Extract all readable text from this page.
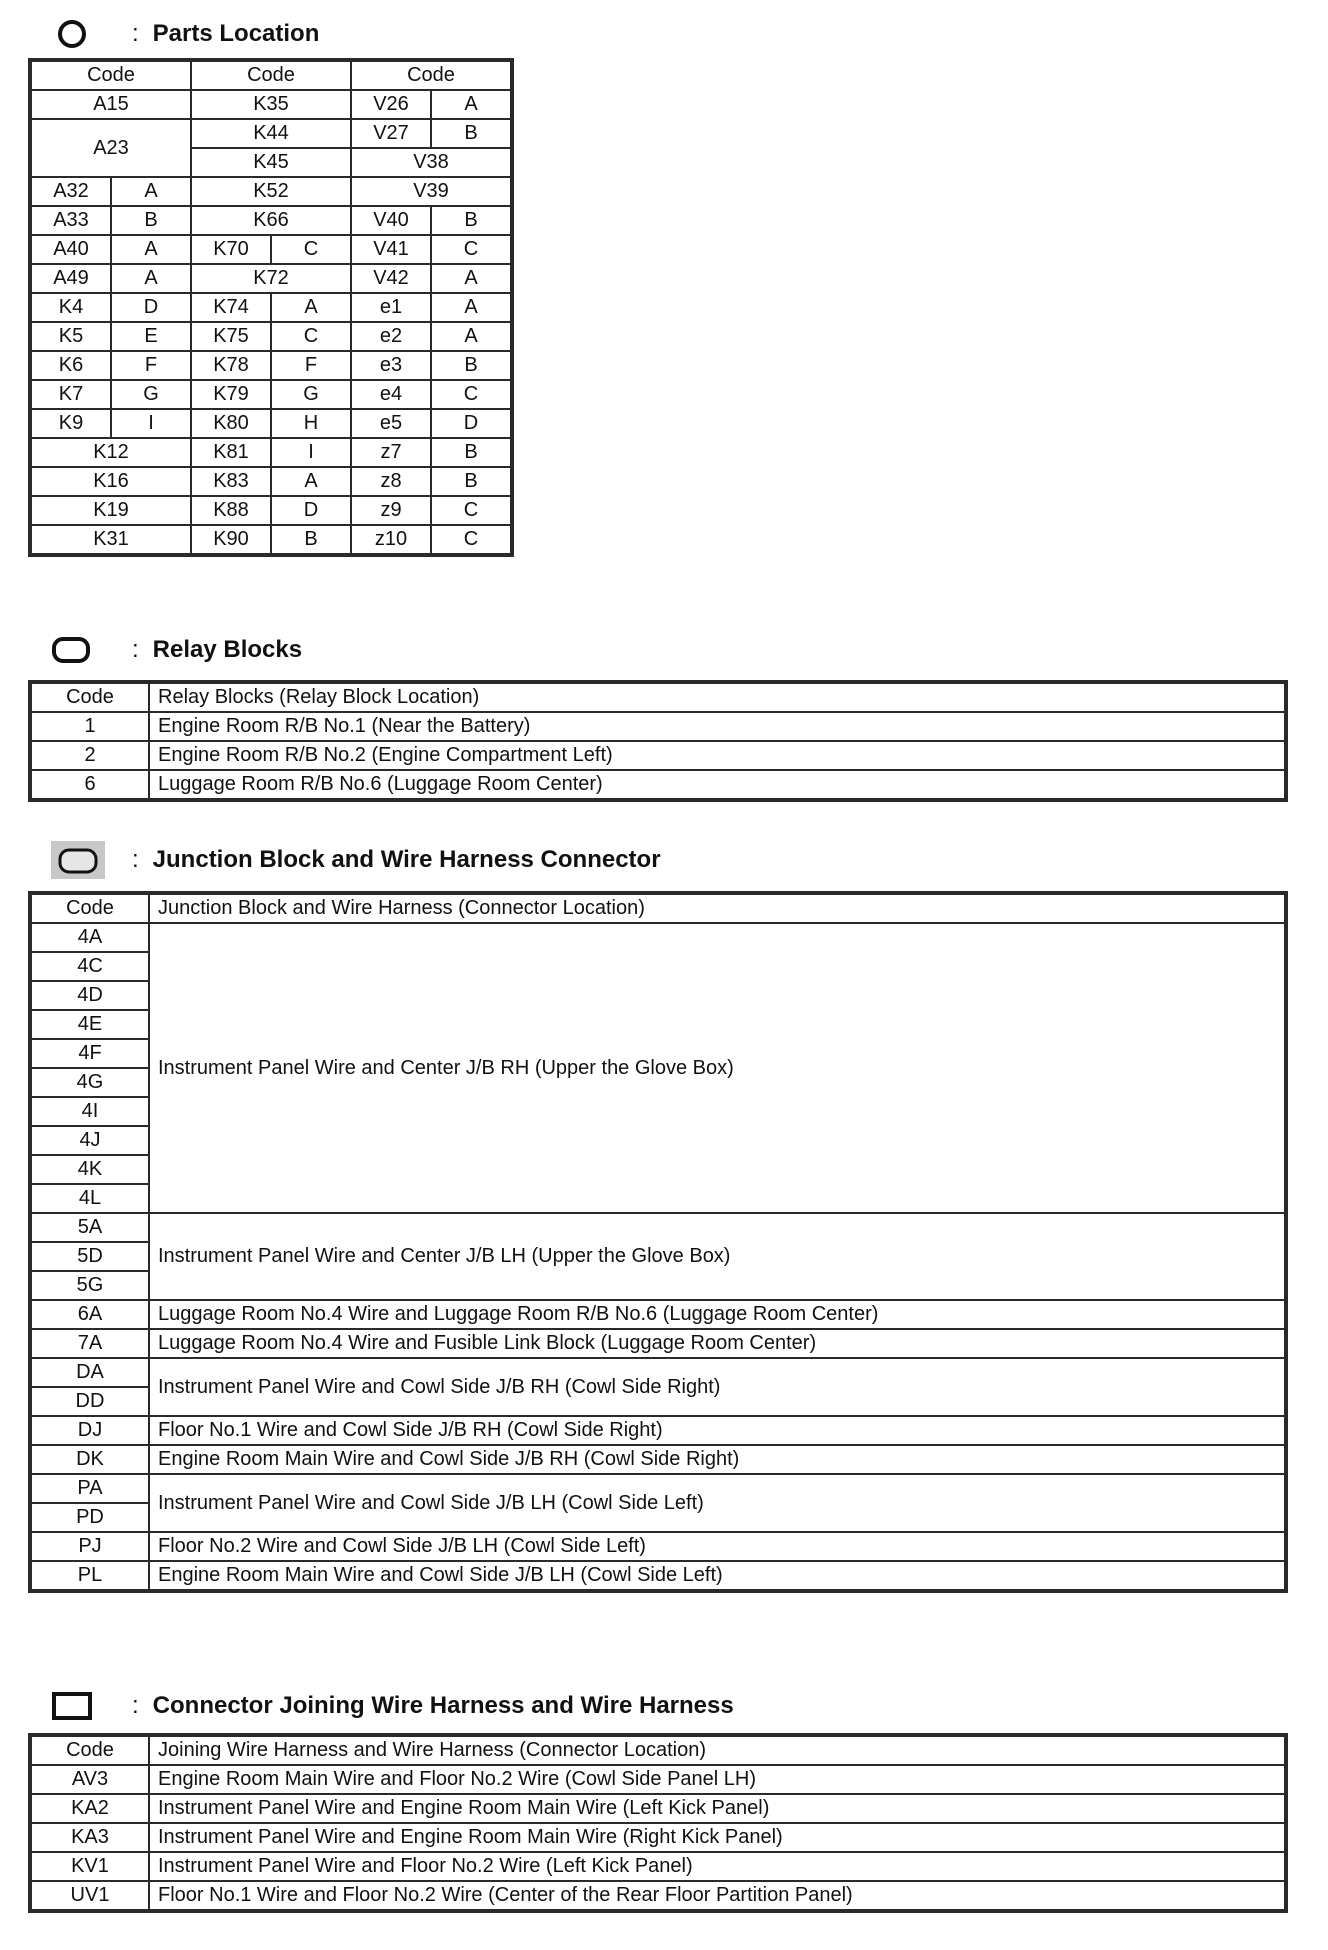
: Parts Location
Code		Code		Code	
A15		K35		V26	A
A23		K44		V27	B
		K45		V38	
A32	A	K52		V39	
A33	B	K66		V40	B
A40	A	K70	C	V41	C
A49	A	K72		V42	A
K4	D	K74	A	e1	A
K5	E	K75	C	e2	A
K6	F	K78	F	e3	B
K7	G	K79	G	e4	C
K9	I	K80	H	e5	D
K12		K81	I	z7	B
K16		K83	A	z8	B
K19		K88	D	z9	C
K31		K90	B	z10	C
: Relay Blocks
Code	Relay Blocks (Relay Block Location)
1	Engine Room R/B No.1 (Near the Battery)
2	Engine Room R/B No.2 (Engine Compartment Left)
6	Luggage Room R/B No.6 (Luggage Room Center)
: Junction Block and Wire Harness Connector
Code	Junction Block and Wire Harness (Connector Location)
4A	Instrument Panel Wire and Center J/B RH (Upper the Glove Box)
4C	
4D	
4E	
4F	
4G	
4I	
4J	
4K	
4L	
5A	Instrument Panel Wire and Center J/B LH (Upper the Glove Box)
5D	
5G	
6A	Luggage Room No.4 Wire and Luggage Room R/B No.6 (Luggage Room Center)
7A	Luggage Room No.4 Wire and Fusible Link Block (Luggage Room Center)
DA	Instrument Panel Wire and Cowl Side J/B RH (Cowl Side Right)
DD	
DJ	Floor No.1 Wire and Cowl Side J/B RH (Cowl Side Right)
DK	Engine Room Main Wire and Cowl Side J/B RH (Cowl Side Right)
PA	Instrument Panel Wire and Cowl Side J/B LH (Cowl Side Left)
PD	
PJ	Floor No.2 Wire and Cowl Side J/B LH (Cowl Side Left)
PL	Engine Room Main Wire and Cowl Side J/B LH (Cowl Side Left)
: Connector Joining Wire Harness and Wire Harness
Code	Joining Wire Harness and Wire Harness (Connector Location)
AV3	Engine Room Main Wire and Floor No.2 Wire (Cowl Side Panel LH)
KA2	Instrument Panel Wire and Engine Room Main Wire (Left Kick Panel)
KA3	Instrument Panel Wire and Engine Room Main Wire (Right Kick Panel)
KV1	Instrument Panel Wire and Floor No.2 Wire (Left Kick Panel)
UV1	Floor No.1 Wire and Floor No.2 Wire (Center of the Rear Floor Partition Panel)
